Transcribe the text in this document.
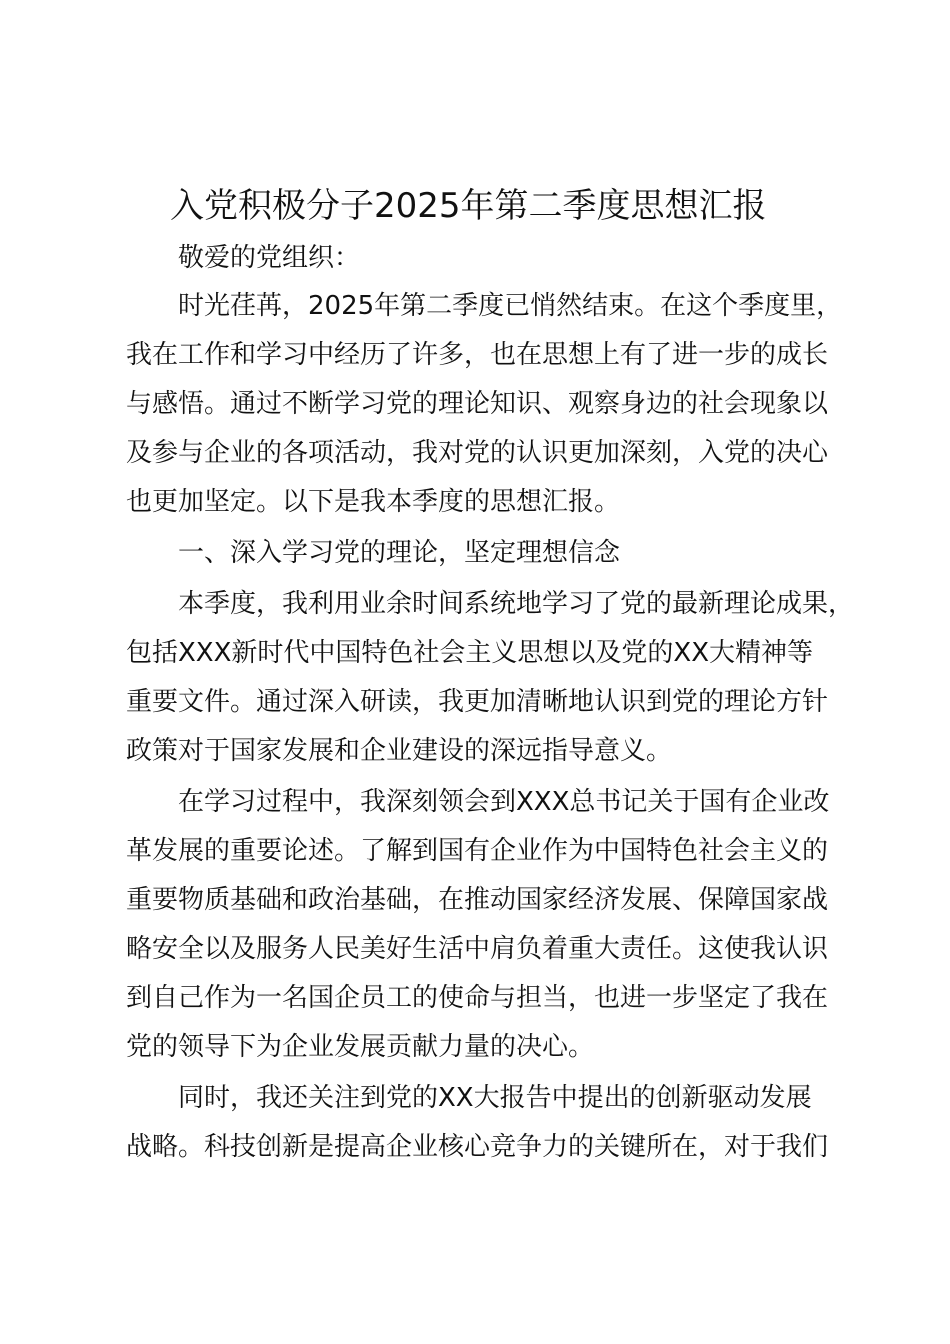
入党积极分子2025年第二季度思想汇报
敬爱的党组织：
时光荏苒，2025年第二季度已悄然结束。在这个季度里，
我在工作和学习中经历了许多，也在思想上有了进一步的成长
与感悟。通过不断学习党的理论知识、观察身边的社会现象以
及参与企业的各项活动，我对党的认识更加深刻，入党的决心
也更加坚定。以下是我本季度的思想汇报。
一、深入学习党的理论，坚定理想信念
本季度，我利用业余时间系统地学习了党的最新理论成果，
包括XXX新时代中国特色社会主义思想以及党的XX大精神等
重要文件。通过深入研读，我更加清晰地认识到党的理论方针
政策对于国家发展和企业建设的深远指导意义。
在学习过程中，我深刻领会到XXX总书记关于国有企业改
革发展的重要论述。了解到国有企业作为中国特色社会主义的
重要物质基础和政治基础，在推动国家经济发展、保障国家战
略安全以及服务人民美好生活中肩负着重大责任。这使我认识
到自己作为一名国企员工的使命与担当，也进一步坚定了我在
党的领导下为企业发展贡献力量的决心。
同时，我还关注到党的XX大报告中提出的创新驱动发展
战略。科技创新是提高企业核心竞争力的关键所在，对于我们
